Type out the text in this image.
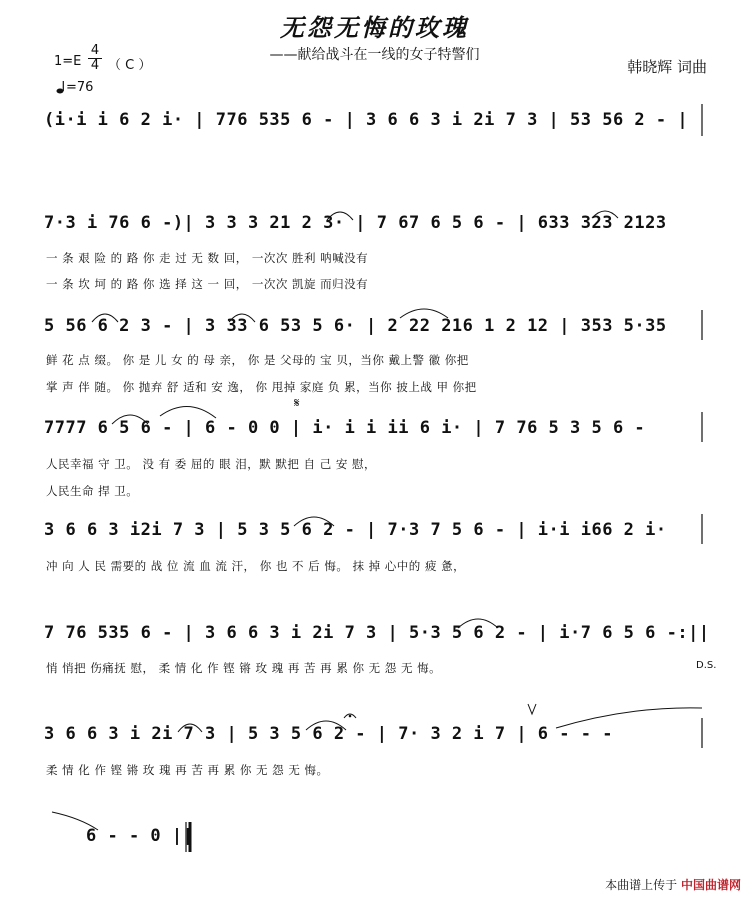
无怨无悔的玫瑰
——献给战斗在一线的女子特警们
韩晓辉 词曲
1=E
4
4 （ C ）
=76
(i·i i 6 2 i· | 776 535 6 - | 3 6 6 3 i 2i 7 3 | 53 56 2 - |
7·3 i 76 6 -)| 3 3 3 21 2 3· | 7 67 6 5 6 - | 633 323 2123
一 条 艰 险 的 路 你 走 过 无 数 回， 一次次 胜利 呐喊没有
一 条 坎 坷 的 路 你 选 择 这 一 回， 一次次 凯旋 而归没有
5 56 6 2 3 - | 3 33 6 53 5 6· | 2 22 216 1 2 12 | 353 5·35
鲜 花 点 缀。 你 是 儿 女 的 母 亲， 你 是 父母的 宝 贝，当你 戴上警 徽 你把
掌 声 伴 随。 你 抛弃 舒 适和 安 逸， 你 甩掉 家庭 负 累，当你 披上战 甲 你把
𝄋
7777 6 5 6 - | 6 - 0 0 | i· i i ii 6 i· | 7 76 5 3 5 6 -
人民幸福 守 卫。 没 有 委 屈的 眼 泪，默 默把 自 己 安 慰，
人民生命 捍 卫。
3 6 6 3 i2i 7 3 | 5 3 5 6 2 - | 7·3 7 5 6 - | i·i i66 2 i·
冲 向 人 民 需要的 战 位 流 血 流 汗， 你 也 不 后 悔。 抹 掉 心中的 疲 惫，
7 76 535 6 - | 3 6 6 3 i 2i 7 3 | 5·3 5 6 2 - | i·7 6 5 6 -:||
悄 悄把 伤痛抚 慰， 柔 情 化 作 铿 锵 玫 瑰 再 苦 再 累 你 无 怨 无 悔。	D.S.
3 6 6 3 i 2i 7 3 | 5 3 5 6 2 - | 7· 3 2 i 7 | 6 - - -
柔 情 化 作 铿 锵 玫 瑰 再 苦 再 累 你 无 怨 无 悔。
6 - - 0 ||
本曲谱上传于 中国曲谱网
